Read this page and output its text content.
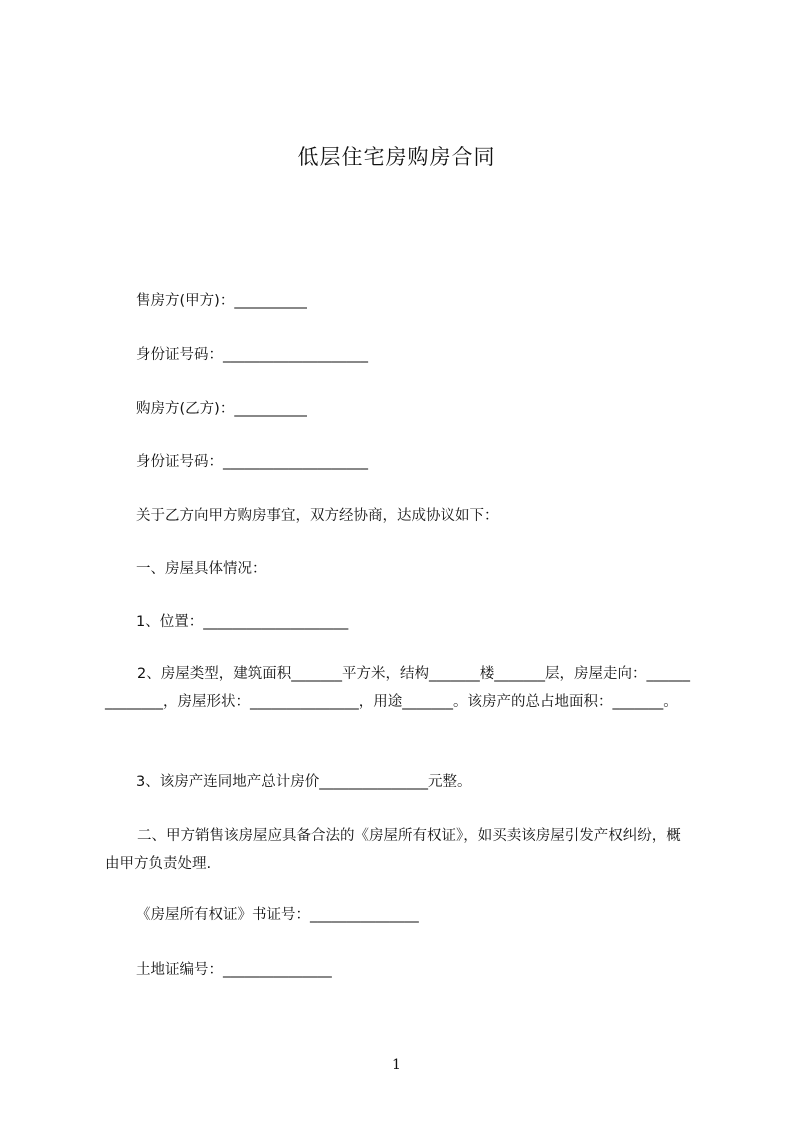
低层住宅房购房合同
售房方(甲方)：__________
身份证号码：____________________
购房方(乙方)：__________
身份证号码：____________________
关于乙方向甲方购房事宜，双方经协商，达成协议如下：
一、房屋具体情况：
1、位置：____________________
2、房屋类型，建筑面积_______平方米，结构_______楼_______层，房屋走向：______________，房屋形状：_______________，用途_______。该房产的总占地面积：_______。
3、该房产连同地产总计房价_______________元整。
二、甲方销售该房屋应具备合法的《房屋所有权证》，如买卖该房屋引发产权纠纷，概由甲方负责处理.
《房屋所有权证》书证号：_______________
土地证编号：_______________
1
